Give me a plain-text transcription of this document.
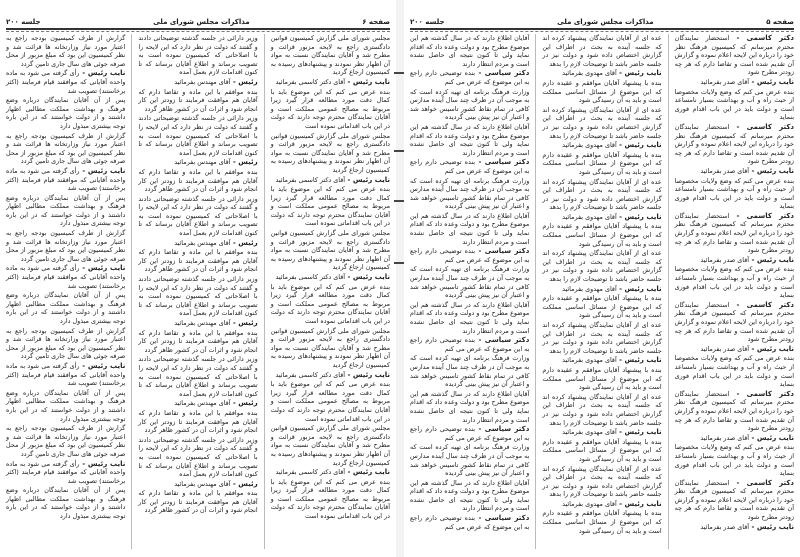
صفحه ۶
مذاکرات مجلس شورای ملی
جلسه ۲۰۰

مجلس شورای ملی گزارش کمیسیون قوانین دادگستری راجع به لایحه مزبور قرائت و مطرح شد و آقایان نمایندگان نسبت به مواد آن اظهار نظر نمودند و پیشنهادهای رسیده به کمیسیون ارجاع گردید

نایب رئیس - آقای دکتر کاسمی بفرمائید

بنده عرض می کنم که این موضوع باید با کمال دقت مورد مطالعه قرار گیرد زیرا مربوط به مصالح عمومی مملکت است و آقایان نمایندگان محترم توجه دارند که دولت در این باب اقداماتی نموده است

مجلس شورای ملی گزارش کمیسیون قوانین دادگستری راجع به لایحه مزبور قرائت و مطرح شد و آقایان نمایندگان نسبت به مواد آن اظهار نظر نمودند و پیشنهادهای رسیده به کمیسیون ارجاع گردید

نایب رئیس - آقای دکتر کاسمی بفرمائید

بنده عرض می کنم که این موضوع باید با کمال دقت مورد مطالعه قرار گیرد زیرا مربوط به مصالح عمومی مملکت است و آقایان نمایندگان محترم توجه دارند که دولت در این باب اقداماتی نموده است

مجلس شورای ملی گزارش کمیسیون قوانین دادگستری راجع به لایحه مزبور قرائت و مطرح شد و آقایان نمایندگان نسبت به مواد آن اظهار نظر نمودند و پیشنهادهای رسیده به کمیسیون ارجاع گردید

نایب رئیس - آقای دکتر کاسمی بفرمائید

بنده عرض می کنم که این موضوع باید با کمال دقت مورد مطالعه قرار گیرد زیرا مربوط به مصالح عمومی مملکت است و آقایان نمایندگان محترم توجه دارند که دولت در این باب اقداماتی نموده است

مجلس شورای ملی گزارش کمیسیون قوانین دادگستری راجع به لایحه مزبور قرائت و مطرح شد و آقایان نمایندگان نسبت به مواد آن اظهار نظر نمودند و پیشنهادهای رسیده به کمیسیون ارجاع گردید

نایب رئیس - آقای دکتر کاسمی بفرمائید

بنده عرض می کنم که این موضوع باید با کمال دقت مورد مطالعه قرار گیرد زیرا مربوط به مصالح عمومی مملکت است و آقایان نمایندگان محترم توجه دارند که دولت در این باب اقداماتی نموده است

مجلس شورای ملی گزارش کمیسیون قوانین دادگستری راجع به لایحه مزبور قرائت و مطرح شد و آقایان نمایندگان نسبت به مواد آن اظهار نظر نمودند و پیشنهادهای رسیده به کمیسیون ارجاع گردید

نایب رئیس - آقای دکتر کاسمی بفرمائید

بنده عرض می کنم که این موضوع باید با کمال دقت مورد مطالعه قرار گیرد زیرا مربوط به مصالح عمومی مملکت است و آقایان نمایندگان محترم توجه دارند که دولت در این باب اقداماتی نموده است

وزیر دارائی در جلسه گذشته توضیحاتی دادند و گفتند که دولت در نظر دارد که این لایحه را با اصلاحاتی که کمیسیون نموده است به تصویب برساند و اطلاع آقایان برساند که تا کنون اقدامات لازم بعمل آمده

رئیس - آقای مهندس بفرمائید

بنده موافقم با این ماده و تقاضا دارم که آقایان هم موافقت فرمایند تا زودتر این کار انجام شود و اثرات آن در کشور ظاهر گردد

وزیر دارائی در جلسه گذشته توضیحاتی دادند و گفتند که دولت در نظر دارد که این لایحه را با اصلاحاتی که کمیسیون نموده است به تصویب برساند و اطلاع آقایان برساند که تا کنون اقدامات لازم بعمل آمده

رئیس - آقای مهندس بفرمائید

بنده موافقم با این ماده و تقاضا دارم که آقایان هم موافقت فرمایند تا زودتر این کار انجام شود و اثرات آن در کشور ظاهر گردد

وزیر دارائی در جلسه گذشته توضیحاتی دادند و گفتند که دولت در نظر دارد که این لایحه را با اصلاحاتی که کمیسیون نموده است به تصویب برساند و اطلاع آقایان برساند که تا کنون اقدامات لازم بعمل آمده

رئیس - آقای مهندس بفرمائید

بنده موافقم با این ماده و تقاضا دارم که آقایان هم موافقت فرمایند تا زودتر این کار انجام شود و اثرات آن در کشور ظاهر گردد

وزیر دارائی در جلسه گذشته توضیحاتی دادند و گفتند که دولت در نظر دارد که این لایحه را با اصلاحاتی که کمیسیون نموده است به تصویب برساند و اطلاع آقایان برساند که تا کنون اقدامات لازم بعمل آمده

رئیس - آقای مهندس بفرمائید

بنده موافقم با این ماده و تقاضا دارم که آقایان هم موافقت فرمایند تا زودتر این کار انجام شود و اثرات آن در کشور ظاهر گردد

وزیر دارائی در جلسه گذشته توضیحاتی دادند و گفتند که دولت در نظر دارد که این لایحه را با اصلاحاتی که کمیسیون نموده است به تصویب برساند و اطلاع آقایان برساند که تا کنون اقدامات لازم بعمل آمده

رئیس - آقای مهندس بفرمائید

بنده موافقم با این ماده و تقاضا دارم که آقایان هم موافقت فرمایند تا زودتر این کار انجام شود و اثرات آن در کشور ظاهر گردد

وزیر دارائی در جلسه گذشته توضیحاتی دادند و گفتند که دولت در نظر دارد که این لایحه را با اصلاحاتی که کمیسیون نموده است به تصویب برساند و اطلاع آقایان برساند که تا کنون اقدامات لازم بعمل آمده

رئیس - آقای مهندس بفرمائید

بنده موافقم با این ماده و تقاضا دارم که آقایان هم موافقت فرمایند تا زودتر این کار انجام شود و اثرات آن در کشور ظاهر گردد

گزارش از طرف کمیسیون بودجه راجع به اعتبار مورد نیاز وزارتخانه ها قرائت شد و نظر کمیسیون این بود که مبلغ مزبور از محل صرفه جوئی های سال جاری تامین گردد

نایب رئیس - رأی گرفته می شود به ماده واحده آقایانی که موافقند قیام فرمایند (اکثر برخاستند) تصویب شد

پس از آن آقایان نمایندگان درباره وضع فرهنگ و بهداشت مملکت مطالبی اظهار داشتند و از دولت خواستند که در این باره توجه بیشتری مبذول دارد

گزارش از طرف کمیسیون بودجه راجع به اعتبار مورد نیاز وزارتخانه ها قرائت شد و نظر کمیسیون این بود که مبلغ مزبور از محل صرفه جوئی های سال جاری تامین گردد

نایب رئیس - رأی گرفته می شود به ماده واحده آقایانی که موافقند قیام فرمایند (اکثر برخاستند) تصویب شد

پس از آن آقایان نمایندگان درباره وضع فرهنگ و بهداشت مملکت مطالبی اظهار داشتند و از دولت خواستند که در این باره توجه بیشتری مبذول دارد

گزارش از طرف کمیسیون بودجه راجع به اعتبار مورد نیاز وزارتخانه ها قرائت شد و نظر کمیسیون این بود که مبلغ مزبور از محل صرفه جوئی های سال جاری تامین گردد

نایب رئیس - رأی گرفته می شود به ماده واحده آقایانی که موافقند قیام فرمایند (اکثر برخاستند) تصویب شد

پس از آن آقایان نمایندگان درباره وضع فرهنگ و بهداشت مملکت مطالبی اظهار داشتند و از دولت خواستند که در این باره توجه بیشتری مبذول دارد

گزارش از طرف کمیسیون بودجه راجع به اعتبار مورد نیاز وزارتخانه ها قرائت شد و نظر کمیسیون این بود که مبلغ مزبور از محل صرفه جوئی های سال جاری تامین گردد

نایب رئیس - رأی گرفته می شود به ماده واحده آقایانی که موافقند قیام فرمایند (اکثر برخاستند) تصویب شد

پس از آن آقایان نمایندگان درباره وضع فرهنگ و بهداشت مملکت مطالبی اظهار داشتند و از دولت خواستند که در این باره توجه بیشتری مبذول دارد

گزارش از طرف کمیسیون بودجه راجع به اعتبار مورد نیاز وزارتخانه ها قرائت شد و نظر کمیسیون این بود که مبلغ مزبور از محل صرفه جوئی های سال جاری تامین گردد

نایب رئیس - رأی گرفته می شود به ماده واحده آقایانی که موافقند قیام فرمایند (اکثر برخاستند) تصویب شد

پس از آن آقایان نمایندگان درباره وضع فرهنگ و بهداشت مملکت مطالبی اظهار داشتند و از دولت خواستند که در این باره توجه بیشتری مبذول دارد

صفحه ۵
مذاکرات مجلس شورای ملی
جلسه ۲۰۰

دکتر کاسمی - استحضار نمایندگان محترم میرسانم که کمیسیون فرهنگ نظر خود را درباره این لایحه اعلام نموده و گزارش آن تقدیم شده است و تقاضا دارم که هر چه زودتر مطرح شود

نایب رئیس - آقای صدر بفرمائید

بنده عرض می کنم که وضع ولایات مخصوصا از حیث راه و آب و بهداشت بسیار نامساعد است و دولت باید در این باب اقدام فوری بنماید

دکتر کاسمی - استحضار نمایندگان محترم میرسانم که کمیسیون فرهنگ نظر خود را درباره این لایحه اعلام نموده و گزارش آن تقدیم شده است و تقاضا دارم که هر چه زودتر مطرح شود

نایب رئیس - آقای صدر بفرمائید

بنده عرض می کنم که وضع ولایات مخصوصا از حیث راه و آب و بهداشت بسیار نامساعد است و دولت باید در این باب اقدام فوری بنماید

دکتر کاسمی - استحضار نمایندگان محترم میرسانم که کمیسیون فرهنگ نظر خود را درباره این لایحه اعلام نموده و گزارش آن تقدیم شده است و تقاضا دارم که هر چه زودتر مطرح شود

نایب رئیس - آقای صدر بفرمائید

بنده عرض می کنم که وضع ولایات مخصوصا از حیث راه و آب و بهداشت بسیار نامساعد است و دولت باید در این باب اقدام فوری بنماید

دکتر کاسمی - استحضار نمایندگان محترم میرسانم که کمیسیون فرهنگ نظر خود را درباره این لایحه اعلام نموده و گزارش آن تقدیم شده است و تقاضا دارم که هر چه زودتر مطرح شود

نایب رئیس - آقای صدر بفرمائید

بنده عرض می کنم که وضع ولایات مخصوصا از حیث راه و آب و بهداشت بسیار نامساعد است و دولت باید در این باب اقدام فوری بنماید

دکتر کاسمی - استحضار نمایندگان محترم میرسانم که کمیسیون فرهنگ نظر خود را درباره این لایحه اعلام نموده و گزارش آن تقدیم شده است و تقاضا دارم که هر چه زودتر مطرح شود

نایب رئیس - آقای صدر بفرمائید

بنده عرض می کنم که وضع ولایات مخصوصا از حیث راه و آب و بهداشت بسیار نامساعد است و دولت باید در این باب اقدام فوری بنماید

دکتر کاسمی - استحضار نمایندگان محترم میرسانم که کمیسیون فرهنگ نظر خود را درباره این لایحه اعلام نموده و گزارش آن تقدیم شده است و تقاضا دارم که هر چه زودتر مطرح شود

نایب رئیس - آقای صدر بفرمائید

عده ای از آقایان نمایندگان پیشنهاد کرده اند که جلسه آینده به بحث در اطراف این گزارش اختصاص داده شود و دولت نیز در جلسه حاضر باشد تا توضیحات لازم را بدهد

نایب رئیس - آقای مهدوی بفرمائید

بنده با پیشنهاد آقایان موافقم و عقیده دارم که این موضوع از مسائل اساسی مملکت است و باید به آن رسیدگی شود

عده ای از آقایان نمایندگان پیشنهاد کرده اند که جلسه آینده به بحث در اطراف این گزارش اختصاص داده شود و دولت نیز در جلسه حاضر باشد تا توضیحات لازم را بدهد

نایب رئیس - آقای مهدوی بفرمائید

بنده با پیشنهاد آقایان موافقم و عقیده دارم که این موضوع از مسائل اساسی مملکت است و باید به آن رسیدگی شود

عده ای از آقایان نمایندگان پیشنهاد کرده اند که جلسه آینده به بحث در اطراف این گزارش اختصاص داده شود و دولت نیز در جلسه حاضر باشد تا توضیحات لازم را بدهد

نایب رئیس - آقای مهدوی بفرمائید

بنده با پیشنهاد آقایان موافقم و عقیده دارم که این موضوع از مسائل اساسی مملکت است و باید به آن رسیدگی شود

عده ای از آقایان نمایندگان پیشنهاد کرده اند که جلسه آینده به بحث در اطراف این گزارش اختصاص داده شود و دولت نیز در جلسه حاضر باشد تا توضیحات لازم را بدهد

نایب رئیس - آقای مهدوی بفرمائید

بنده با پیشنهاد آقایان موافقم و عقیده دارم که این موضوع از مسائل اساسی مملکت است و باید به آن رسیدگی شود

عده ای از آقایان نمایندگان پیشنهاد کرده اند که جلسه آینده به بحث در اطراف این گزارش اختصاص داده شود و دولت نیز در جلسه حاضر باشد تا توضیحات لازم را بدهد

نایب رئیس - آقای مهدوی بفرمائید

بنده با پیشنهاد آقایان موافقم و عقیده دارم که این موضوع از مسائل اساسی مملکت است و باید به آن رسیدگی شود

عده ای از آقایان نمایندگان پیشنهاد کرده اند که جلسه آینده به بحث در اطراف این گزارش اختصاص داده شود و دولت نیز در جلسه حاضر باشد تا توضیحات لازم را بدهد

نایب رئیس - آقای مهدوی بفرمائید

بنده با پیشنهاد آقایان موافقم و عقیده دارم که این موضوع از مسائل اساسی مملکت است و باید به آن رسیدگی شود

عده ای از آقایان نمایندگان پیشنهاد کرده اند که جلسه آینده به بحث در اطراف این گزارش اختصاص داده شود و دولت نیز در جلسه حاضر باشد تا توضیحات لازم را بدهد

نایب رئیس - آقای مهدوی بفرمائید

بنده با پیشنهاد آقایان موافقم و عقیده دارم که این موضوع از مسائل اساسی مملکت است و باید به آن رسیدگی شود

آقایان اطلاع دارند که در سال گذشته هم این موضوع مطرح بود و دولت وعده داد که اقدام نماید ولی تا کنون نتیجه ای حاصل نشده است و مردم انتظار دارند

دکتر سیاسی - بنده توضیحی دارم راجع به این موضوع که عرض می کنم

وزارت فرهنگ برنامه ای تهیه کرده است که به موجب آن در ظرف چند سال آینده مدارس کافی در تمام نقاط کشور تاسیس خواهد شد و اعتبار آن نیز پیش بینی گردیده

آقایان اطلاع دارند که در سال گذشته هم این موضوع مطرح بود و دولت وعده داد که اقدام نماید ولی تا کنون نتیجه ای حاصل نشده است و مردم انتظار دارند

دکتر سیاسی - بنده توضیحی دارم راجع به این موضوع که عرض می کنم

وزارت فرهنگ برنامه ای تهیه کرده است که به موجب آن در ظرف چند سال آینده مدارس کافی در تمام نقاط کشور تاسیس خواهد شد و اعتبار آن نیز پیش بینی گردیده

آقایان اطلاع دارند که در سال گذشته هم این موضوع مطرح بود و دولت وعده داد که اقدام نماید ولی تا کنون نتیجه ای حاصل نشده است و مردم انتظار دارند

دکتر سیاسی - بنده توضیحی دارم راجع به این موضوع که عرض می کنم

وزارت فرهنگ برنامه ای تهیه کرده است که به موجب آن در ظرف چند سال آینده مدارس کافی در تمام نقاط کشور تاسیس خواهد شد و اعتبار آن نیز پیش بینی گردیده

آقایان اطلاع دارند که در سال گذشته هم این موضوع مطرح بود و دولت وعده داد که اقدام نماید ولی تا کنون نتیجه ای حاصل نشده است و مردم انتظار دارند

دکتر سیاسی - بنده توضیحی دارم راجع به این موضوع که عرض می کنم

وزارت فرهنگ برنامه ای تهیه کرده است که به موجب آن در ظرف چند سال آینده مدارس کافی در تمام نقاط کشور تاسیس خواهد شد و اعتبار آن نیز پیش بینی گردیده

آقایان اطلاع دارند که در سال گذشته هم این موضوع مطرح بود و دولت وعده داد که اقدام نماید ولی تا کنون نتیجه ای حاصل نشده است و مردم انتظار دارند

دکتر سیاسی - بنده توضیحی دارم راجع به این موضوع که عرض می کنم

وزارت فرهنگ برنامه ای تهیه کرده است که به موجب آن در ظرف چند سال آینده مدارس کافی در تمام نقاط کشور تاسیس خواهد شد و اعتبار آن نیز پیش بینی گردیده

آقایان اطلاع دارند که در سال گذشته هم این موضوع مطرح بود و دولت وعده داد که اقدام نماید ولی تا کنون نتیجه ای حاصل نشده است و مردم انتظار دارند

دکتر سیاسی - بنده توضیحی دارم راجع به این موضوع که عرض می کنم
